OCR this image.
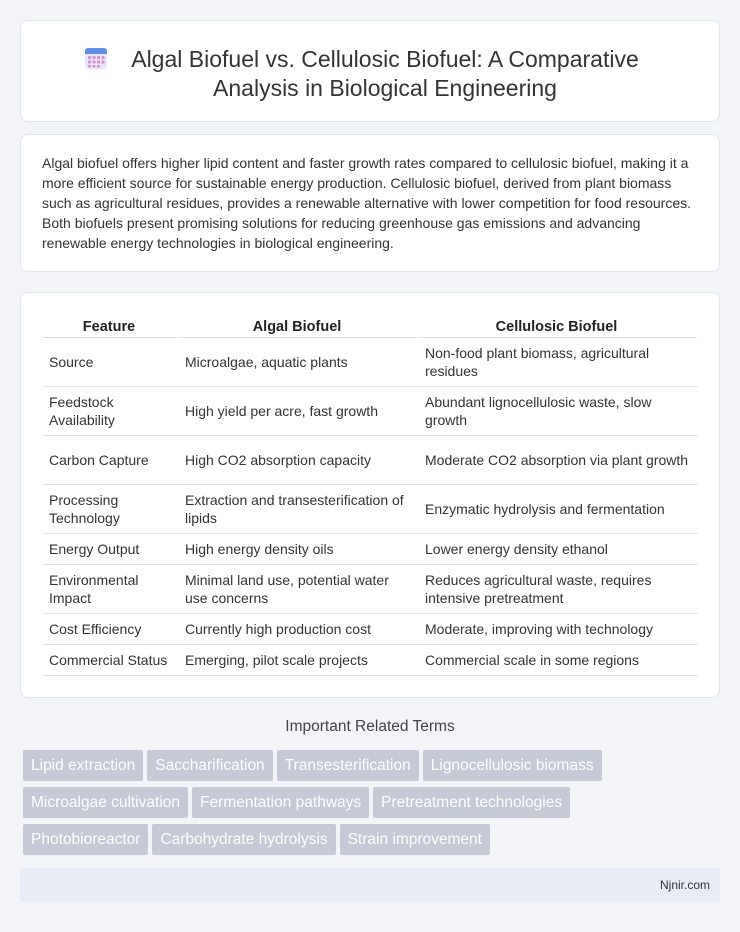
Algal Biofuel vs. Cellulosic Biofuel: A Comparative Analysis in Biological Engineering

Algal biofuel offers higher lipid content and faster growth rates compared to cellulosic biofuel, making it a more efficient source for sustainable energy production. Cellulosic biofuel, derived from plant biomass such as agricultural residues, provides a renewable alternative with lower competition for food resources. Both biofuels present promising solutions for reducing greenhouse gas emissions and advancing renewable energy technologies in biological engineering.

Feature	Algal Biofuel	Cellulosic Biofuel
Source	Microalgae, aquatic plants	Non-food plant biomass, agricultural residues
Feedstock Availability	High yield per acre, fast growth	Abundant lignocellulosic waste, slow growth
Carbon Capture	High CO2 absorption capacity	Moderate CO2 absorption via plant growth
Processing Technology	Extraction and transesterification of lipids	Enzymatic hydrolysis and fermentation
Energy Output	High energy density oils	Lower energy density ethanol
Environmental Impact	Minimal land use, potential water use concerns	Reduces agricultural waste, requires intensive pretreatment
Cost Efficiency	Currently high production cost	Moderate, improving with technology
Commercial Status	Emerging, pilot scale projects	Commercial scale in some regions
Important Related Terms
Lipid extraction Saccharification Transesterification Lignocellulosic biomass
Microalgae cultivation Fermentation pathways Pretreatment technologies
Photobioreactor Carbohydrate hydrolysis Strain improvement
Njnir.com
